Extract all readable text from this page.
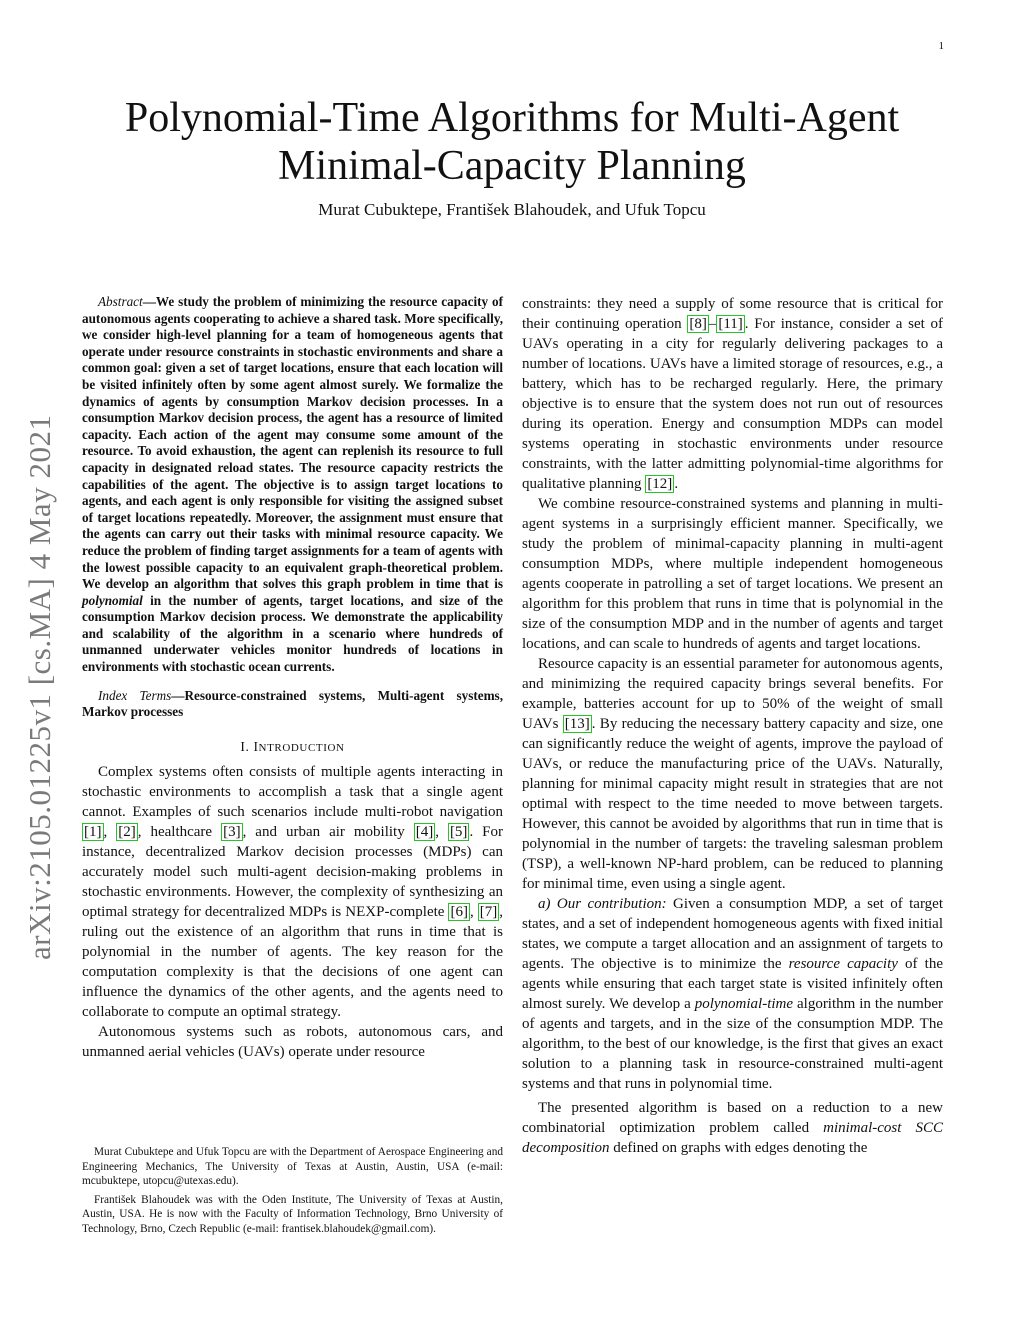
1
arXiv:2105.01225v1 [cs.MA] 4 May 2021
Polynomial-Time Algorithms for Multi-Agent
Minimal-Capacity Planning
Murat Cubuktepe, František Blahoudek, and Ufuk Topcu

Abstract—We study the problem of minimizing the resource capacity of autonomous agents cooperating to achieve a shared task. More specifically, we consider high-level planning for a team of homogeneous agents that operate under resource constraints in stochastic environments and share a common goal: given a set of target locations, ensure that each location will be visited infinitely often by some agent almost surely. We formalize the dynamics of agents by consumption Markov decision processes. In a consumption Markov decision process, the agent has a resource of limited capacity. Each action of the agent may consume some amount of the resource. To avoid exhaustion, the agent can replenish its resource to full capacity in designated reload states. The resource capacity restricts the capabilities of the agent. The objective is to assign target locations to agents, and each agent is only responsible for visiting the assigned subset of target locations repeatedly. Moreover, the assignment must ensure that the agents can carry out their tasks with minimal resource capacity. We reduce the problem of finding target assignments for a team of agents with the lowest possible capacity to an equivalent graph-theoretical problem. We develop an algorithm that solves this graph problem in time that is polynomial in the number of agents, target locations, and size of the consumption Markov decision process. We demonstrate the applicability and scalability of the algorithm in a scenario where hundreds of unmanned underwater vehicles monitor hundreds of locations in environments with stochastic ocean currents.

Index Terms—Resource-constrained systems, Multi-agent systems, Markov processes

I. INTRODUCTION

Complex systems often consists of multiple agents interacting in stochastic environments to accomplish a task that a single agent cannot. Examples of such scenarios include multi-robot navigation [1] , [2] , healthcare [3] , and urban air mobility [4] , [5] . For instance, decentralized Markov decision processes (MDPs) can accurately model such multi-agent decision-making problems in stochastic environments. However, the complexity of synthesizing an optimal strategy for decentralized MDPs is NEXP-complete [6] , [7] , ruling out the existence of an algorithm that runs in time that is polynomial in the number of agents. The key reason for the computation complexity is that the decisions of one agent can influence the dynamics of the other agents, and the agents need to collaborate to compute an optimal strategy.

Autonomous systems such as robots, autonomous cars, and unmanned aerial vehicles (UAVs) operate under resource

Murat Cubuktepe and Ufuk Topcu are with the Department of Aerospace Engineering and Engineering Mechanics, The University of Texas at Austin, Austin, USA (e-mail: mcubuktepe, utopcu@utexas.edu).

František Blahoudek was with the Oden Institute, The University of Texas at Austin, Austin, USA. He is now with the Faculty of Information Technology, Brno University of Technology, Brno, Czech Republic (e-mail: frantisek.blahoudek@gmail.com).

constraints: they need a supply of some resource that is critical for their continuing operation [8] – [11] . For instance, consider a set of UAVs operating in a city for regularly delivering packages to a number of locations. UAVs have a limited storage of resources, e.g., a battery, which has to be recharged regularly. Here, the primary objective is to ensure that the system does not run out of resources during its operation. Energy and consumption MDPs can model systems operating in stochastic environments under resource constraints, with the latter admitting polynomial-time algorithms for qualitative planning [12] .

We combine resource-constrained systems and planning in multi-agent systems in a surprisingly efficient manner. Specifically, we study the problem of minimal-capacity planning in multi-agent consumption MDPs, where multiple independent homogeneous agents cooperate in patrolling a set of target locations. We present an algorithm for this problem that runs in time that is polynomial in the size of the consumption MDP and in the number of agents and target locations, and can scale to hundreds of agents and target locations.

Resource capacity is an essential parameter for autonomous agents, and minimizing the required capacity brings several benefits. For example, batteries account for up to 50% of the weight of small UAVs [13] . By reducing the necessary battery capacity and size, one can significantly reduce the weight of agents, improve the payload of UAVs, or reduce the manufacturing price of the UAVs. Naturally, planning for minimal capacity might result in strategies that are not optimal with respect to the time needed to move between targets. However, this cannot be avoided by algorithms that run in time that is polynomial in the number of targets: the traveling salesman problem (TSP), a well-known NP-hard problem, can be reduced to planning for minimal time, even using a single agent.

a) Our contribution: Given a consumption MDP, a set of target states, and a set of independent homogeneous agents with fixed initial states, we compute a target allocation and an assignment of targets to agents. The objective is to minimize the resource capacity of the agents while ensuring that each target state is visited infinitely often almost surely. We develop a polynomial-time algorithm in the number of agents and targets, and in the size of the consumption MDP. The algorithm, to the best of our knowledge, is the first that gives an exact solution to a planning task in resource-constrained multi-agent systems and that runs in polynomial time.

The presented algorithm is based on a reduction to a new combinatorial optimization problem called minimal-cost SCC decomposition defined on graphs with edges denoting the
